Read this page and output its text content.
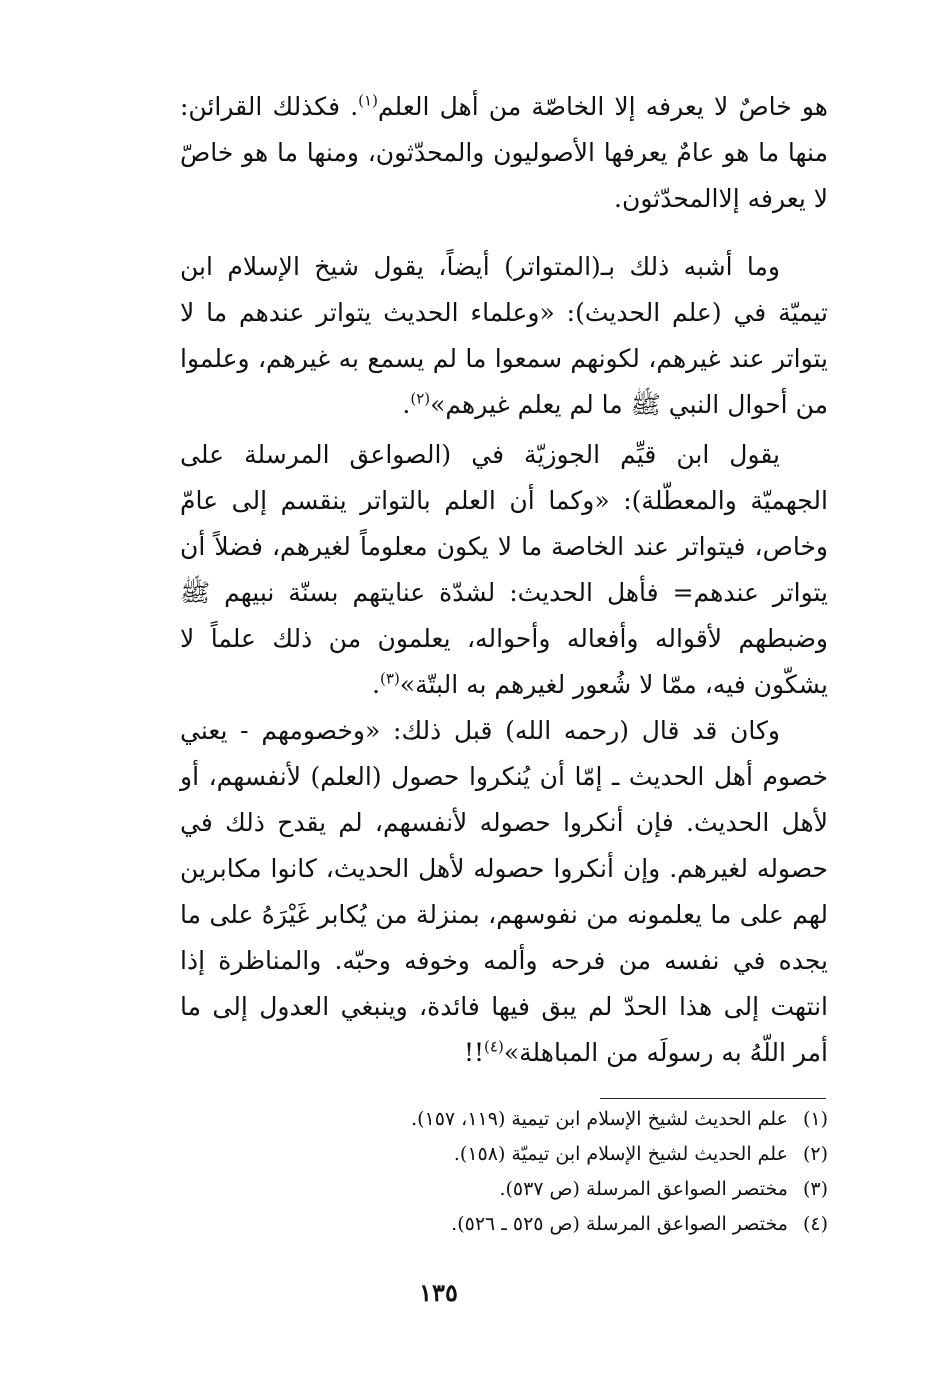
هو خاصٌ لا يعرفه إلا الخاصّة من أهل العلم$^{(١)}$. فكذلك القرائن: منها ما هو عامٌ يعرفها الأصوليون والمحدّثون، ومنها ما هو خاصّ لا يعرفه إلاالمحدّثون.

وما أشبه ذلك بـ(المتواتر) أيضاً، يقول شيخ الإسلام ابن تيميّة في (علم الحديث): «وعلماء الحديث يتواتر عندهم ما لا يتواتر عند غيرهم، لكونهم سمعوا ما لم يسمع به غيرهم، وعلموا من أحوال النبي ﷺ ما لم يعلم غيرهم»$^{(٢)}$.

يقول ابن قيِّم الجوزيّة في (الصواعق المرسلة على الجهميّة والمعطّلة): «وكما أن العلم بالتواتر ينقسم إلى عامّ وخاص، فيتواتر عند الخاصة ما لا يكون معلوماً لغيرهم، فضلاً أن يتواتر عندهم= فأهل الحديث: لشدّة عنايتهم بسنّة نبيهم ﷺ وضبطهم لأقواله وأفعاله وأحواله، يعلمون من ذلك علماً لا يشكّون فيه، ممّا لا شُعور لغيرهم به البتّة»$^{(٣)}$.

وكان قد قال (رحمه الله) قبل ذلك: «وخصومهم - يعني خصوم أهل الحديث ـ إمّا أن يُنكروا حصول (العلم) لأنفسهم، أو لأهل الحديث. فإن أنكروا حصوله لأنفسهم، لم يقدح ذلك في حصوله لغيرهم. وإن أنكروا حصوله لأهل الحديث، كانوا مكابرين لهم على ما يعلمونه من نفوسهم، بمنزلة من يُكابر غَيْرَهُ على ما يجده في نفسه من فرحه وألمه وخوفه وحبّه. والمناظرة إذا انتهت إلى هذا الحدّ لم يبق فيها فائدة، وينبغي العدول إلى ما أمر اللّهُ به رسولَه من المباهلة»$^{(٤)}$!!

(١) علم الحديث لشيخ الإسلام ابن تيمية (١١٩، ١٥٧).
(٢) علم الحديث لشيخ الإسلام ابن تيميّة (١٥٨).
(٣) مختصر الصواعق المرسلة (ص ٥٣٧).
(٤) مختصر الصواعق المرسلة (ص ٥٢٥ ـ ٥٢٦).
١٣٥
